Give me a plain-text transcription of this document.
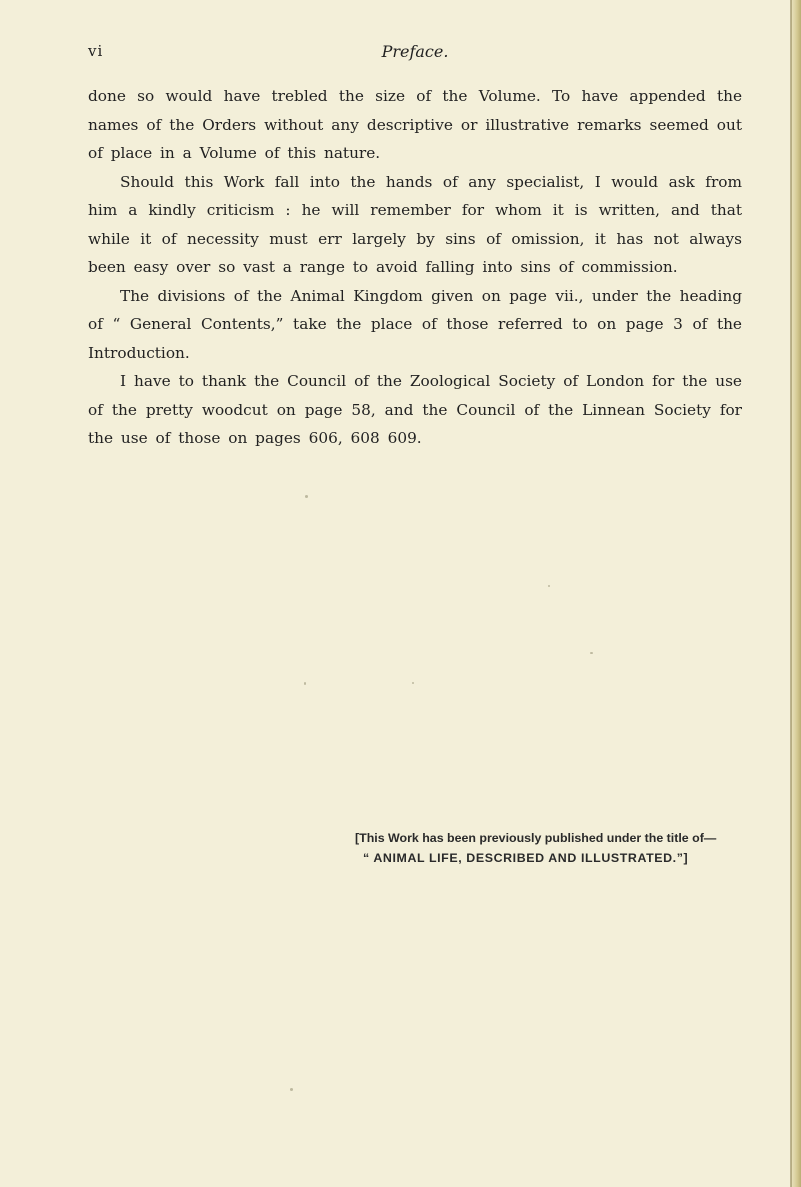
vi	Preface.

done so would have trebled the size of the Volume. To have appended the names of the Orders without any descriptive or illustrative remarks seemed out of place in a Volume of this nature.

Should this Work fall into the hands of any specialist, I would ask from him a kindly criticism : he will remember for whom it is written, and that while it of necessity must err largely by sins of omission, it has not always been easy over so vast a range to avoid falling into sins of commission.

The divisions of the Animal Kingdom given on page vii., under the heading of “ General Contents,” take the place of those referred to on page 3 of the Introduction.

I have to thank the Council of the Zoological Society of London for the use of the pretty woodcut on page 58, and the Council of the Linnean Society for the use of those on pages 606, 608 609.

[This Work has been previously published under the title of—
“ ANIMAL LIFE, DESCRIBED AND ILLUSTRATED.”]
